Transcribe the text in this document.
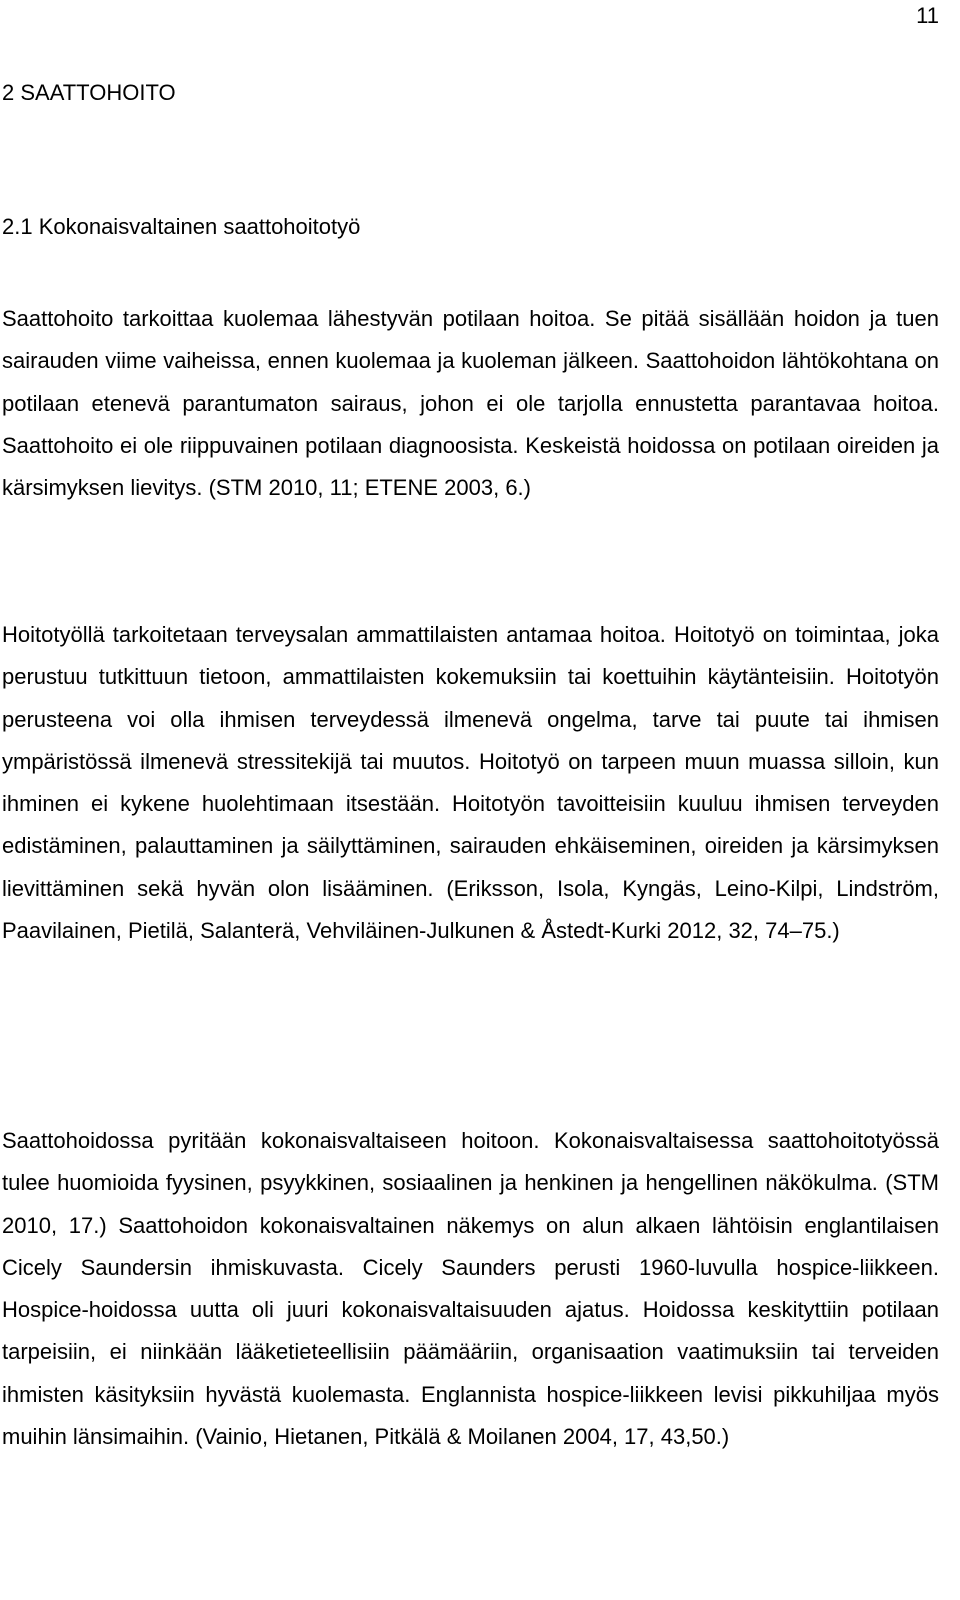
11
2 SAATTOHOITO
2.1 Kokonaisvaltainen saattohoitotyö

Saattohoito tarkoittaa kuolemaa lähestyvän potilaan hoitoa. Se pitää sisällään hoidon ja tuen sairauden viime vaiheissa, ennen kuolemaa ja kuoleman jälkeen. Saattohoidon lähtökohtana on potilaan etenevä parantumaton sairaus, johon ei ole tarjolla ennustetta parantavaa hoitoa. Saattohoito ei ole riippuvainen potilaan diagnoosista. Keskeistä hoidossa on potilaan oireiden ja kärsimyksen lievitys. (STM 2010, 11; ETENE 2003, 6.)

Hoitotyöllä tarkoitetaan terveysalan ammattilaisten antamaa hoitoa. Hoitotyö on toimintaa, joka perustuu tutkittuun tietoon, ammattilaisten kokemuksiin tai koettuihin käytänteisiin. Hoitotyön perusteena voi olla ihmisen terveydessä ilmenevä ongelma, tarve tai puute tai ihmisen ympäristössä ilmenevä stressitekijä tai muutos. Hoitotyö on tarpeen muun muassa silloin, kun ihminen ei kykene huolehtimaan itsestään. Hoitotyön tavoitteisiin kuuluu ihmisen terveyden edistäminen, palauttaminen ja säilyttäminen, sairauden ehkäiseminen, oireiden ja kärsimyksen lievittäminen sekä hyvän olon lisääminen. (Eriksson, Isola, Kyngäs, Leino-Kilpi, Lindström, Paavilainen, Pietilä, Salanterä, Vehviläinen-Julkunen & Åstedt-Kurki 2012, 32, 74–75.)

Saattohoidossa pyritään kokonaisvaltaiseen hoitoon. Kokonaisvaltaisessa saattohoitotyössä tulee huomioida fyysinen, psyykkinen, sosiaalinen ja henkinen ja hengellinen näkökulma. (STM 2010, 17.) Saattohoidon kokonaisvaltainen näkemys on alun alkaen lähtöisin englantilaisen Cicely Saundersin ihmiskuvasta. Cicely Saunders perusti 1960-luvulla hospice-liikkeen. Hospice-hoidossa uutta oli juuri kokonaisvaltaisuuden ajatus. Hoidossa keskityttiin potilaan tarpeisiin, ei niinkään lääketieteellisiin päämääriin, organisaation vaatimuksiin tai terveiden ihmisten käsityksiin hyvästä kuolemasta. Englannista hospice-liikkeen levisi pikkuhiljaa myös muihin länsimaihin. (Vainio, Hietanen, Pitkälä & Moilanen 2004, 17, 43,50.)
